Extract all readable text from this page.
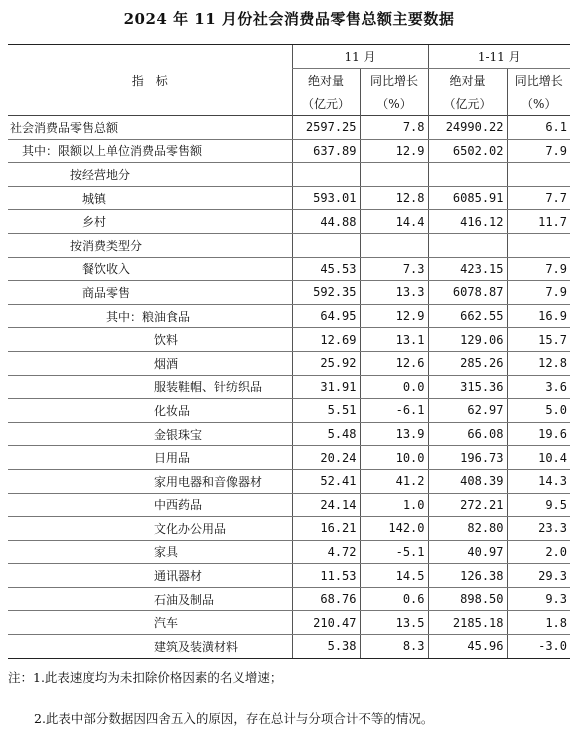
2024 年 11 月份社会消费品零售总额主要数据
指　标	11 月		1-11 月	
	绝对量	同比增长	绝对量	同比增长
	（亿元）	（%）	（亿元）	（%）
社会消费品零售总额	2597.25	7.8	24990.22	6.1
其中：限额以上单位消费品零售额	637.89	12.9	6502.02	7.9
按经营地分				
城镇	593.01	12.8	6085.91	7.7
乡村	44.88	14.4	416.12	11.7
按消费类型分				
餐饮收入	45.53	7.3	423.15	7.9
商品零售	592.35	13.3	6078.87	7.9
其中：粮油食品	64.95	12.9	662.55	16.9
饮料	12.69	13.1	129.06	15.7
烟酒	25.92	12.6	285.26	12.8
服装鞋帽、针纺织品	31.91	0.0	315.36	3.6
化妆品	5.51	-6.1	62.97	5.0
金银珠宝	5.48	13.9	66.08	19.6
日用品	20.24	10.0	196.73	10.4
家用电器和音像器材	52.41	41.2	408.39	14.3
中西药品	24.14	1.0	272.21	9.5
文化办公用品	16.21	142.0	82.80	23.3
家具	4.72	-5.1	40.97	2.0
通讯器材	11.53	14.5	126.38	29.3
石油及制品	68.76	0.6	898.50	9.3
汽车	210.47	13.5	2185.18	1.8
建筑及装潢材料	5.38	8.3	45.96	-3.0
注：1.此表速度均为未扣除价格因素的名义增速；
2.此表中部分数据因四舍五入的原因，存在总计与分项合计不等的情况。
